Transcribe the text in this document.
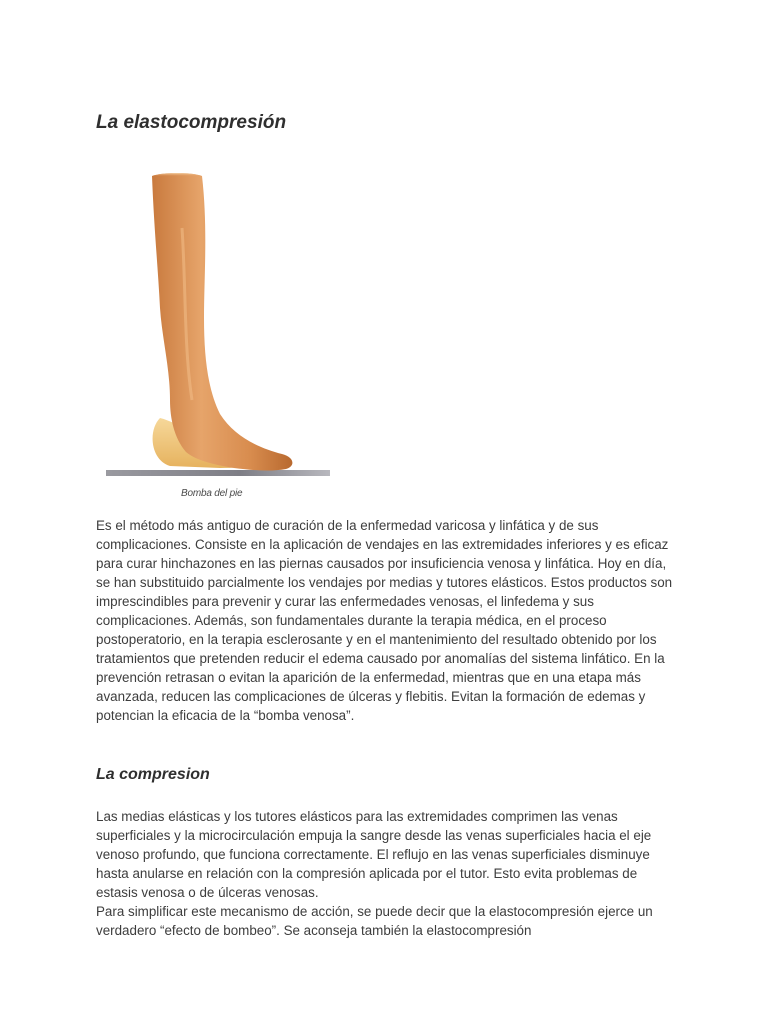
La elastocompresión
Bomba del pie

Es el método más antiguo de curación de la enfermedad varicosa y linfática y de sus complicaciones. Consiste en la aplicación de vendajes en las extremidades inferiores y es eficaz para curar hinchazones en las piernas causados por insuficiencia venosa y linfática. Hoy en día, se han substituido parcialmente los vendajes por medias y tutores elásticos. Estos productos son imprescindibles para prevenir y curar las enfermedades venosas, el linfedema y sus complicaciones. Además, son fundamentales durante la terapia médica, en el proceso postoperatorio, en la terapia esclerosante y en el mantenimiento del resultado obtenido por los tratamientos que pretenden reducir el edema causado por anomalías del sistema linfático. En la prevención retrasan o evitan la aparición de la enfermedad, mientras que en una etapa más avanzada, reducen las complicaciones de úlceras y flebitis. Evitan la formación de edemas y potencian la eficacia de la “bomba venosa”.

La compresion

Las medias elásticas y los tutores elásticos para las extremidades comprimen las venas superficiales y la microcirculación empuja la sangre desde las venas superficiales hacia el eje venoso profundo, que funciona correctamente. El reflujo en las venas superficiales disminuye hasta anularse en relación con la compresión aplicada por el tutor. Esto evita problemas de estasis venosa o de úlceras venosas.

Para simplificar este mecanismo de acción, se puede decir que la elastocompresión ejerce un verdadero “efecto de bombeo”. Se aconseja también la elastocompresión
